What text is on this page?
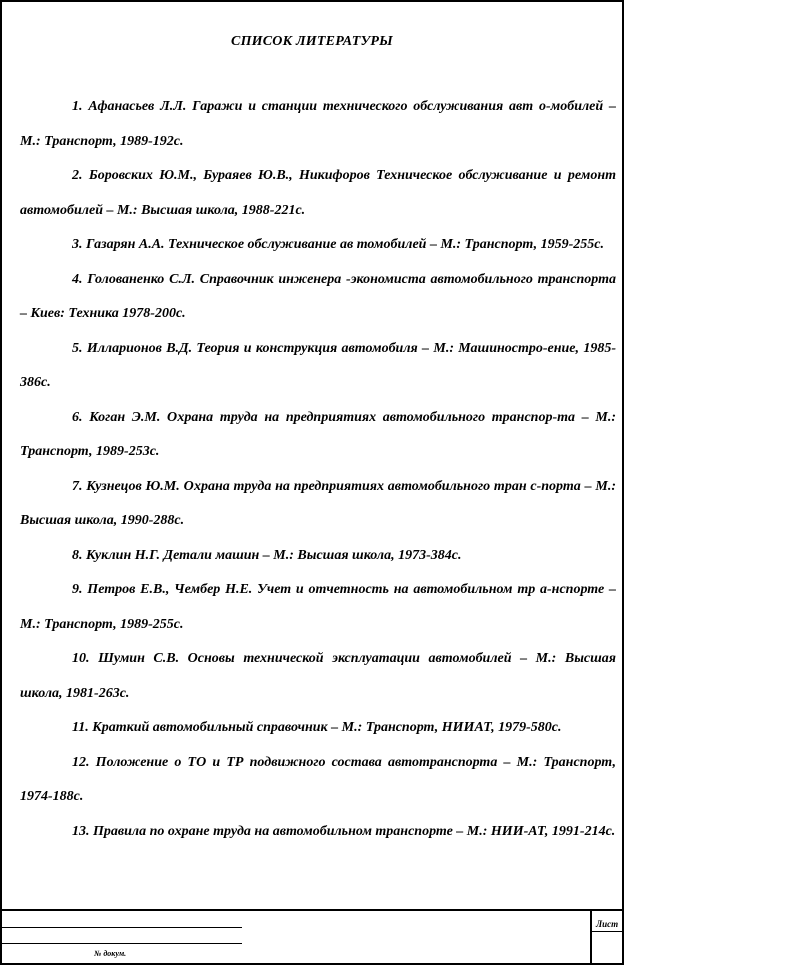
СПИСОК ЛИТЕРАТУРЫ
1. Афанасьев Л.Л. Гаражи и станции технического обслуживания авт о-мобилей – М.: Транспорт, 1989-192с.
2. Боровских Ю.М., Бураяев Ю.В., Никифоров Техническое обслуживание и ремонт автомобилей – М.: Высшая школа, 1988-221с.
3. Газарян А.А. Техническое обслуживание ав томобилей – М.: Транспорт, 1959-255с.
4. Голованенко С.Л. Справочник инженера -экономиста автомобильного транспорта – Киев: Техника 1978-200с.
5. Илларионов В.Д. Теория и конструкция автомобиля – М.: Машиностро-ение, 1985-386с.
6. Коган Э.М. Охрана труда на предприятиях автомобильного транспор-та – М.: Транспорт, 1989-253с.
7. Кузнецов Ю.М. Охрана труда на предприятиях автомобильного тран с-порта – М.: Высшая школа, 1990-288с.
8. Куклин Н.Г. Детали машин – М.: Высшая школа, 1973-384с.
9. Петров Е.В., Чембер Н.Е. Учет и отчетность на автомобильном тр а-нспорте – М.: Транспорт, 1989-255с.
10. Шумин С.В. Основы технической эксплуатации автомобилей – М.: Высшая школа, 1981-263с.
11. Краткий автомобильный справочник – М.: Транспорт, НИИАТ, 1979-580с.
12. Положение о ТО и ТР подвижного состава автотранспорта – М.: Транспорт, 1974-188с.
13. Правила по охране труда на автомобильном транспорте – М.: НИИ-АТ, 1991-214с.
№ докум.
Лист
